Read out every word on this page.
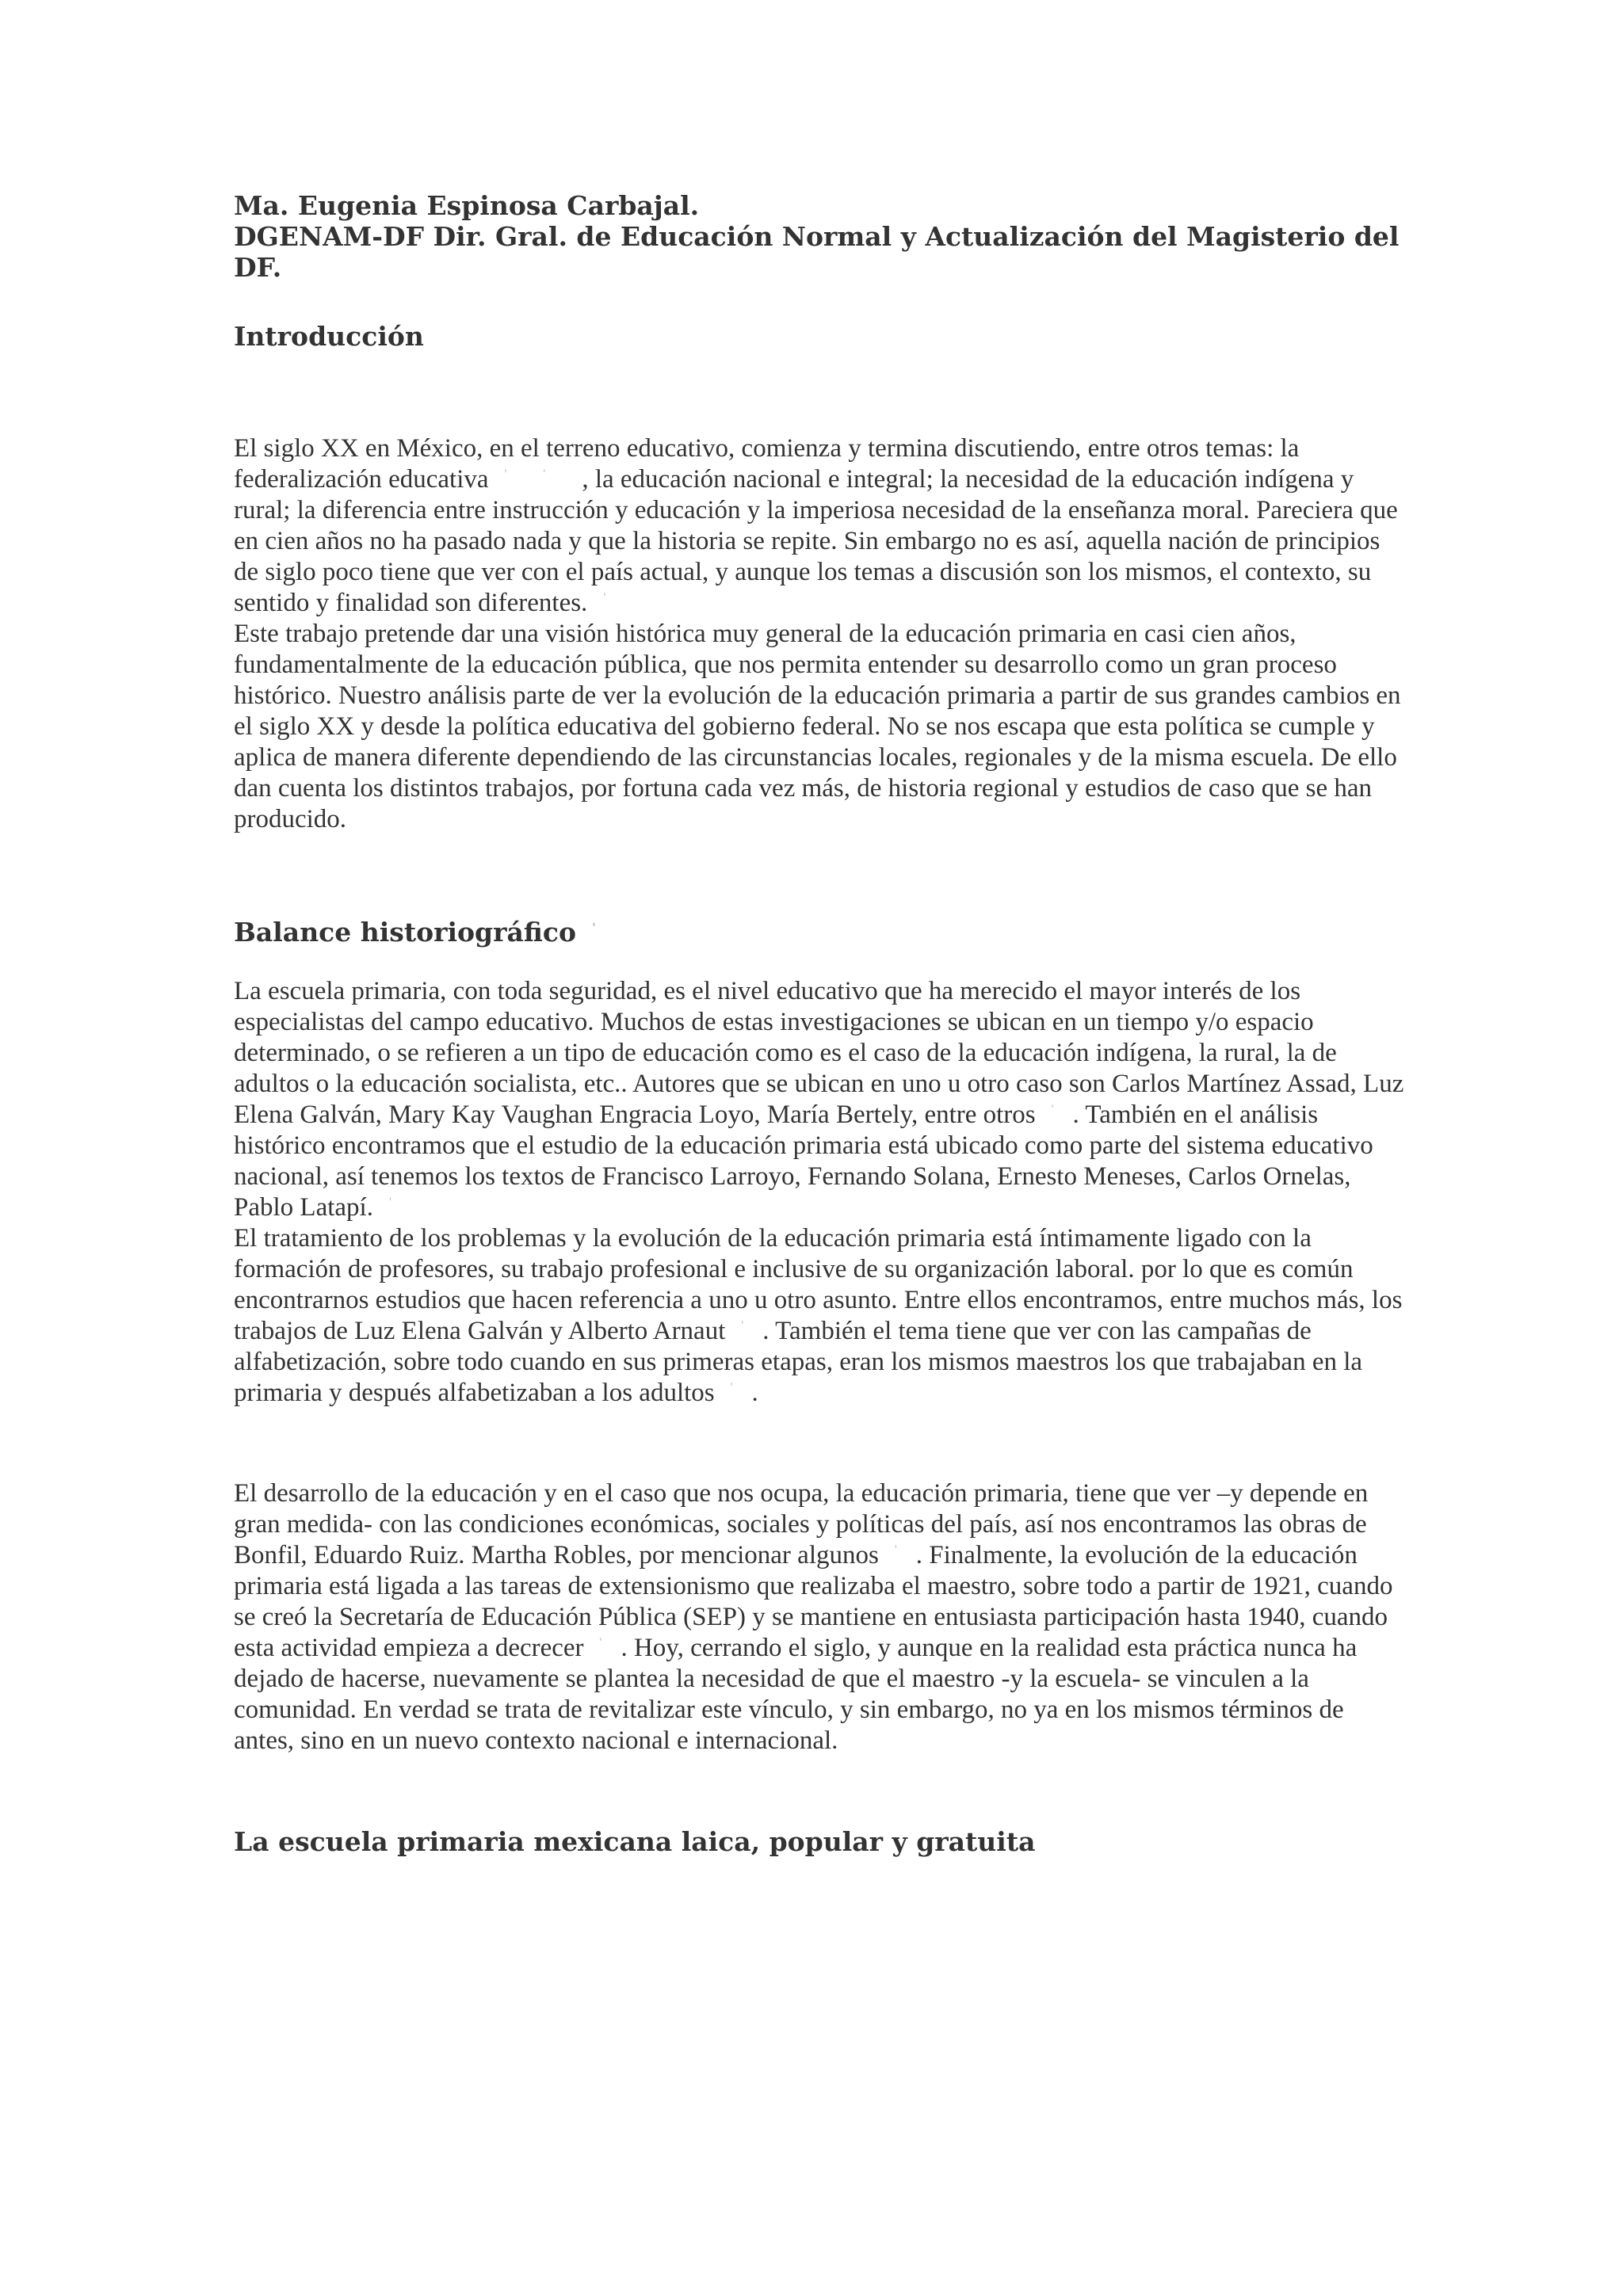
Ma. Eugenia Espinosa Carbajal.

DGENAM-DF Dir. Gral. de Educación Normal y Actualización del Magisterio del DF.

Introducción

El siglo XX en México, en el terreno educativo, comienza y termina discutiendo, entre otros temas: la federalización educativa '', la educación nacional e integral; la necesidad de la educación indígena y rural; la diferencia entre instrucción y educación y la imperiosa necesidad de la enseñanza moral. Pareciera que en cien años no ha pasado nada y que la historia se repite. Sin embargo no es así, aquella nación de principios de siglo poco tiene que ver con el país actual, y aunque los temas a discusión son los mismos, el contexto, su sentido y finalidad son diferentes. '

Este trabajo pretende dar una visión histórica muy general de la educación primaria en casi cien años, fundamentalmente de la educación pública, que nos permita entender su desarrollo como un gran proceso histórico. Nuestro análisis parte de ver la evolución de la educación primaria a partir de sus grandes cambios en el siglo XX y desde la política educativa del gobierno federal. No se nos escapa que esta política se cumple y aplica de manera diferente dependiendo de las circunstancias locales, regionales y de la misma escuela. De ello dan cuenta los distintos trabajos, por fortuna cada vez más, de historia regional y estudios de caso que se han producido.

Balance historiográfico '

La escuela primaria, con toda seguridad, es el nivel educativo que ha merecido el mayor interés de los especialistas del campo educativo. Muchos de estas investigaciones se ubican en un tiempo y/o espacio determinado, o se refieren a un tipo de educación como es el caso de la educación indígena, la rural, la de adultos o la educación socialista, etc.. Autores que se ubican en uno u otro caso son Carlos Martínez Assad, Luz Elena Galván, Mary Kay Vaughan Engracia Loyo, María Bertely, entre otros ' . También en el análisis histórico encontramos que el estudio de la educación primaria está ubicado como parte del sistema educativo nacional, así tenemos los textos de Francisco Larroyo, Fernando Solana, Ernesto Meneses, Carlos Ornelas, Pablo Latapí. '

El tratamiento de los problemas y la evolución de la educación primaria está íntimamente ligado con la formación de profesores, su trabajo profesional e inclusive de su organización laboral. por lo que es común encontrarnos estudios que hacen referencia a uno u otro asunto. Entre ellos encontramos, entre muchos más, los trabajos de Luz Elena Galván y Alberto Arnaut ' . También el tema tiene que ver con las campañas de alfabetización, sobre todo cuando en sus primeras etapas, eran los mismos maestros los que trabajaban en la primaria y después alfabetizaban a los adultos ' .

El desarrollo de la educación y en el caso que nos ocupa, la educación primaria, tiene que ver –y depende en gran medida- con las condiciones económicas, sociales y políticas del país, así nos encontramos las obras de Bonfil, Eduardo Ruiz. Martha Robles, por mencionar algunos ' . Finalmente, la evolución de la educación primaria está ligada a las tareas de extensionismo que realizaba el maestro, sobre todo a partir de 1921, cuando se creó la Secretaría de Educación Pública (SEP) y se mantiene en entusiasta participación hasta 1940, cuando esta actividad empieza a decrecer ' . Hoy, cerrando el siglo, y aunque en la realidad esta práctica nunca ha dejado de hacerse, nuevamente se plantea la necesidad de que el maestro -y la escuela- se vinculen a la comunidad. En verdad se trata de revitalizar este vínculo, y sin embargo, no ya en los mismos términos de antes, sino en un nuevo contexto nacional e internacional.

La escuela primaria mexicana laica, popular y gratuita
